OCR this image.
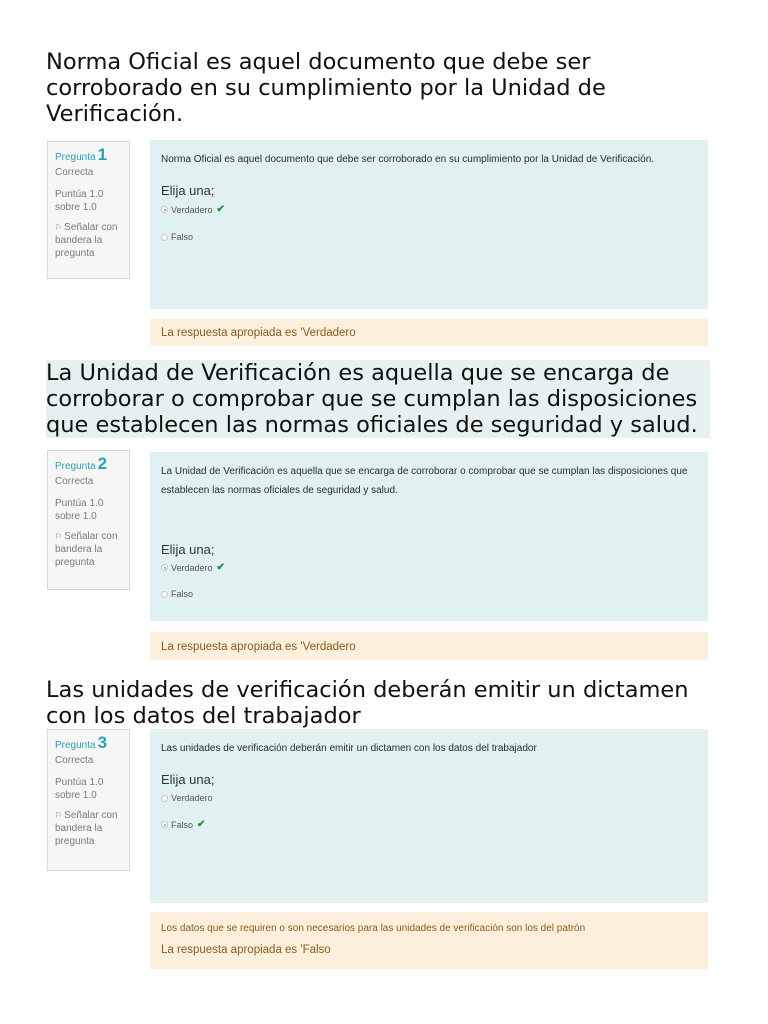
Norma Oficial es aquel documento que debe ser
corroborado en su cumplimiento por la Unidad de
Verificación.
Pregunta 1
Correcta
Puntúa 1.0 sobre 1.0
⚐ Señalar con bandera la pregunta

Norma Oficial es aquel documento que debe ser corroborado en su cumplimiento por la Unidad de Verificación.

Elija una;

Verdadero ✔
Falso
La respuesta apropiada es 'Verdadero
La Unidad de Verificación es aquella que se encarga de
corroborar o comprobar que se cumplan las disposiciones
que establecen las normas oficiales de seguridad y salud.
Pregunta 2
Correcta
Puntúa 1.0 sobre 1.0
⚐ Señalar con bandera la pregunta

La Unidad de Verificación es aquella que se encarga de corroborar o comprobar que se cumplan las disposiciones que establecen las normas oficiales de seguridad y salud.

Elija una;

Verdadero ✔
Falso
La respuesta apropiada es 'Verdadero
Las unidades de verificación deberán emitir un dictamen
con los datos del trabajador
Pregunta 3
Correcta
Puntúa 1.0 sobre 1.0
⚐ Señalar con bandera la pregunta

Las unidades de verificación deberán emitir un dictamen con los datos del trabajador

Elija una;

Verdadero
Falso ✔
Los datos que se requiren o son necesarios para las unidades de verificación son los del patrón
La respuesta apropiada es 'Falso
